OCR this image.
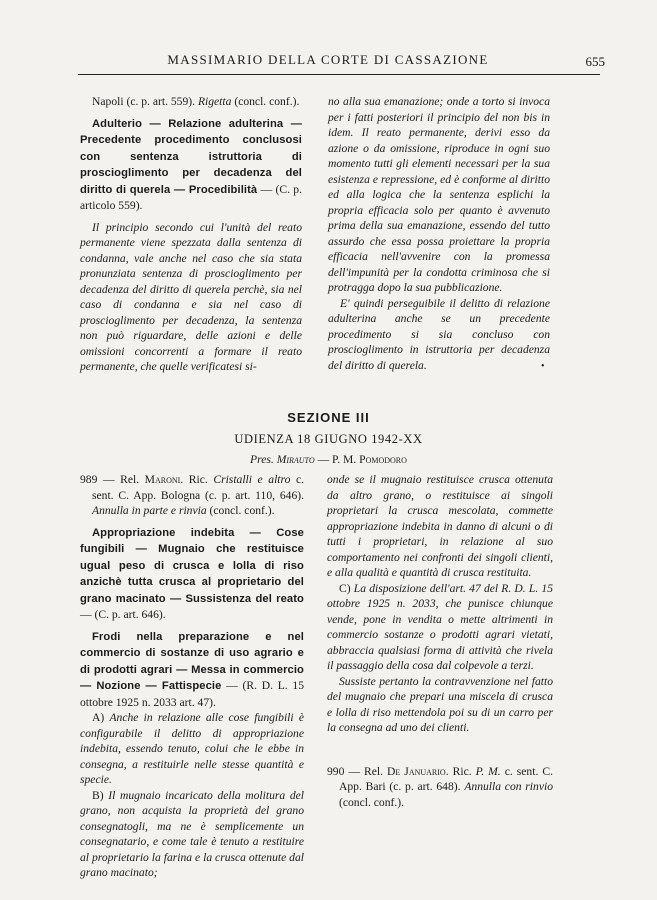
MASSIMARIO DELLA CORTE DI CASSAZIONE	655

Napoli (c. p. art. 559). Rigetta (concl. conf.).

Adulterio — Relazione adulterina — Precedente procedimento conclusosi con sentenza istruttoria di proscioglimento per decadenza del diritto di querela — Procedibilità — (C. p. articolo 559).

Il principio secondo cui l'unità del reato permanente viene spezzata dalla sentenza di condanna, vale anche nel caso che sia stata pronunziata sentenza di proscioglimento per decadenza del diritto di querela perchè, sia nel caso di condanna e sia nel caso di proscioglimento per decadenza, la sentenza non può riguardare, delle azioni e delle omissioni concorrenti a formare il reato permanente, che quelle verificatesi si-

no alla sua emanazione; onde a torto si invoca per i fatti posteriori il principio del non bis in idem. Il reato permanente, derivi esso da azione o da omissione, riproduce in ogni suo momento tutti gli elementi necessari per la sua esistenza e repressione, ed è conforme al diritto ed alla logica che la sentenza esplichi la propria efficacia solo per quanto è avvenuto prima della sua emanazione, essendo del tutto assurdo che essa possa proiettare la propria efficacia nell'avvenire con la promessa dell'impunità per la condotta criminosa che si protragga dopo la sua pubblicazione.

E' quindi perseguibile il delitto di relazione adulterina anche se un precedente procedimento si sia concluso con proscioglimento in istruttoria per decadenza del diritto di querela.	•
SEZIONE III
UDIENZA 18 GIUGNO 1942-XX
Pres. Mirauto — P. M. Pomodoro

989 — Rel. Maroni. Ric. Cristalli e altro c. sent. C. App. Bologna (c. p. art. 110, 646). Annulla in parte e rinvia (concl. conf.).

Appropriazione indebita — Cose fungibili — Mugnaio che restituisce ugual peso di crusca e lolla di riso anzichè tutta crusca al proprietario del grano macinato — Sussistenza del reato — (C. p. art. 646).

Frodi nella preparazione e nel commercio di sostanze di uso agrario e di prodotti agrari — Messa in commercio — Nozione — Fattispecie — (R. D. L. 15 ottobre 1925 n. 2033 art. 47).

A) Anche in relazione alle cose fungibili è configurabile il delitto di appropriazione indebita, essendo tenuto, colui che le ebbe in consegna, a restituirle nelle stesse quantità e specie.

B) Il mugnaio incaricato della molitura del grano, non acquista la proprietà del grano consegnatogli, ma ne è semplicemente un consegnatario, e come tale è tenuto a restituire al proprietario la farina e la crusca ottenute dal grano macinato;

onde se il mugnaio restituisce crusca ottenuta da altro grano, o restituisce ai singoli proprietari la crusca mescolata, commette appropriazione indebita in danno di alcuni o di tutti i proprietari, in relazione al suo comportamento nei confronti dei singoli clienti, e alla qualità e quantità di crusca restituita.

C) La disposizione dell'art. 47 del R. D. L. 15 ottobre 1925 n. 2033, che punisce chiunque vende, pone in vendita o mette altrimenti in commercio sostanze o prodotti agrari vietati, abbraccia qualsiasi forma di attività che rivela il passaggio della cosa dal colpevole a terzi.

Sussiste pertanto la contravvenzione nel fatto del mugnaio che prepari una miscela di crusca e lolla di riso mettendola poi su di un carro per la consegna ad uno dei clienti.

990 — Rel. De Januario. Ric. P. M. c. sent. C. App. Bari (c. p. art. 648). Annulla con rinvio (concl. conf.).
